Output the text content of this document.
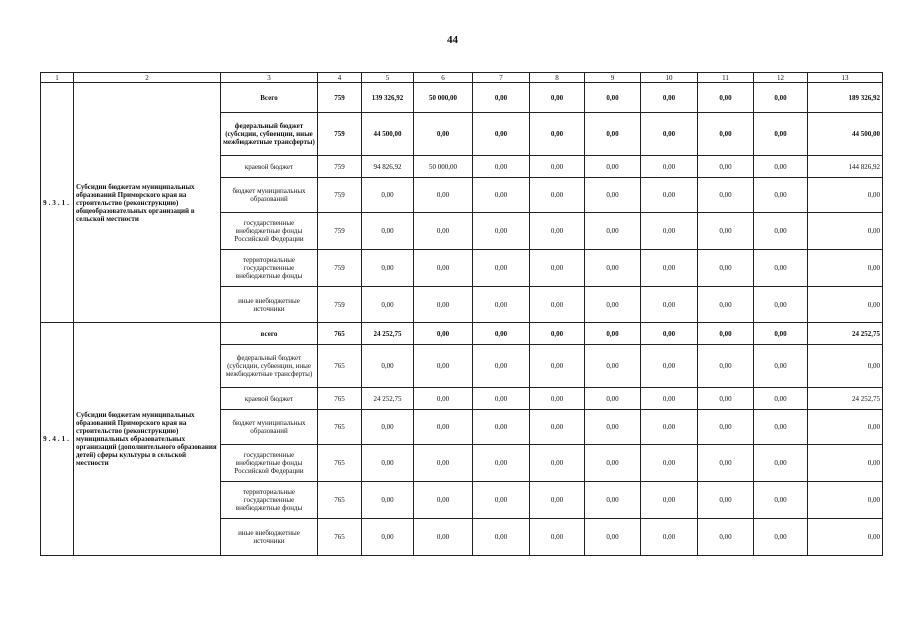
44
1	2	3	4	5	6	7	8	9	10	11	12	13
9.3.1.	Субсидии бюджетам муниципальных образований Приморского края на строительство (реконструкцию) общеобразовательных организаций в сельской местности	Всего	759	139 326,92	50 000,00	0,00	0,00	0,00	0,00	0,00	0,00	189 326,92
		федеральный бюджет (субсидии, субвенции, иные межбюджетные трансферты)	759	44 500,00	0,00	0,00	0,00	0,00	0,00	0,00	0,00	44 500,00
		краевой бюджет	759	94 826,92	50 000,00	0,00	0,00	0,00	0,00	0,00	0,00	144 826,92
		бюджет муниципальных образований	759	0,00	0,00	0,00	0,00	0,00	0,00	0,00	0,00	0,00
		государственные внебюджетные фонды Российской Федерации	759	0,00	0,00	0,00	0,00	0,00	0,00	0,00	0,00	0,00
		территориальные государственные внебюджетные фонды	759	0,00	0,00	0,00	0,00	0,00	0,00	0,00	0,00	0,00
		иные внебюджетные источники	759	0,00	0,00	0,00	0,00	0,00	0,00	0,00	0,00	0,00
9.4.1.	Субсидии бюджетам муниципальных образований Приморского края на строительство (реконструкцию) муниципальных образовательных организаций (дополнительного образования детей) сферы культуры в сельской местности	всего	765	24 252,75	0,00	0,00	0,00	0,00	0,00	0,00	0,00	24 252,75
		федеральный бюджет (субсидии, субвенции, иные межбюджетные трансферты)	765	0,00	0,00	0,00	0,00	0,00	0,00	0,00	0,00	0,00
		краевой бюджет	765	24 252,75	0,00	0,00	0,00	0,00	0,00	0,00	0,00	24 252,75
		бюджет муниципальных образований	765	0,00	0,00	0,00	0,00	0,00	0,00	0,00	0,00	0,00
		государственные внебюджетные фонды Российской Федерации	765	0,00	0,00	0,00	0,00	0,00	0,00	0,00	0,00	0,00
		территориальные государственные внебюджетные фонды	765	0,00	0,00	0,00	0,00	0,00	0,00	0,00	0,00	0,00
		иные внебюджетные источники	765	0,00	0,00	0,00	0,00	0,00	0,00	0,00	0,00	0,00
